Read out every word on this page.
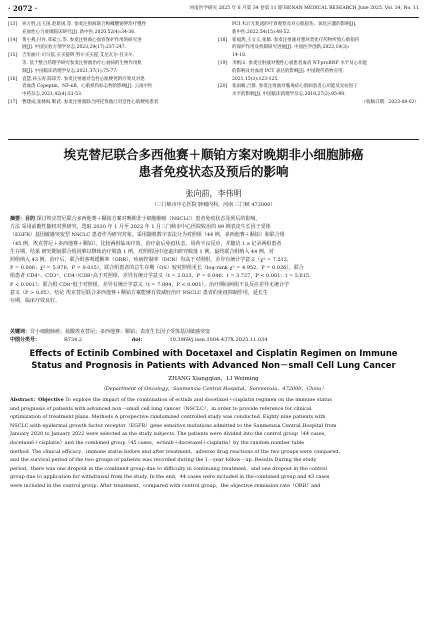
· 2072 ·	河南医学研究 2025 年 6 月第 34 卷第 11 期 HENAN MEDICAL RESEARCH June 2025, Vol. 34, No. 11
[13] 孙万胜,岳玉国,赵新国,等. 参麦注射液联合枸橼酸铋钾治疗慢性
充血性心力衰竭临床研究[J]. 新中医,2020,52(4):34-36.
[14] 黄小燕,付丹,邓家立,等. 参麦注射液心血管保护作用的研究进
展[J]. 中国实验方剂学杂志,2023,29(17):237-247.
[15] 吉米丽汗·司马依,买买提明·努尔买买提,艾尼瓦尔·吾买尔,
等. 基于整合药理学研究参麦注射液治疗心衰病的生物作用机
制[J]. 中国临床药理学杂志,2021,37(1):75-77.
[16] 袁慧,孙玉涛,陈琼芳. 参麦注射液对急性心肌梗死的疗效及对患
者血清 Copeptin、NF-κB、心肌损伤标志物的影响[J]. 云南中医
中药杂志,2021,42(4):51-53.
[17] 曹建成,张林海,靳武. 参麦注射液联合阿托伐他汀对急性心肌梗死患者
PCI 术后无复流的疗效观察及对心肌损伤、氧化应激的影响[J].
新中医,2022,54(15):48-52.
[18] 崔福然,王文义,张薇. 参麦注射液对蒽环类化疗药物所致心肌损伤
的保护作用及机制研究进展[J]. 中国医学创新,2022,19(3):
14-18.
[19] 李帆山. 参麦注射液对慢性心衰患者血清 NT-proBNP 水平及心功能
的影响及对血清 PCT 表达的影响[J]. 中国现代药物应用,
2021,15(3):123-125.
[20] 张雨楠,吕群. 参麦注射液对脓毒症心肌病患者心功能及炎症因子
水平的影响[J]. 中国临床药理学杂志,2018,27(2):95-98.
（收稿日期：2023-08-02）
埃克替尼联合多西他赛＋顺铂方案对晚期非小细胞肺癌
患者免疫状态及预后的影响
张向前，李伟明
（三门峡市中心医院 肿瘤内科，河南 三门峡 472000）
摘要：目的 探讨埃克替尼联合多西他赛＋顺铂方案对晚期非小细胞肺癌（NSCLC）患者免疫状态及预后的影响。
方法 采用前瞻性随机对照研究，选取 2020 年 1 月至 2022 年 1 月三门峡市中心医院收治的 89 例表皮生长因子受体
（EGFR）基因敏感突变型 NSCLC 患者作为研究对象，采用随机数字表法分为对照组（44 例，多西他赛＋顺铂）和联合组
（45 例，埃克替尼＋多西他赛＋顺铂）。比较两组临床疗效、治疗前后免疫状态、用药不良反应，并随访 1 a 记录两组患者
生存期。结果 研究期间联合组因难以继续治疗脱落 1 例，对照组因中途退出研究脱落 1 例，最终联合组纳入 44 例，对
照组纳入 43 例。治疗后，联合组客观缓解率（ORR）、疾病控制率（DCR）均高于对照组，差异有统计学意义（χ² = 7.512，
P = 0.006；χ² = 5.976，P = 0.015）。联合组患者的总生存期（OS）较对照组更长（log-rank χ² = 4.952，P = 0.026）。联合
组患者 CD4⁺、CD3⁺、CD4⁺/CD8⁺高于对照组，差异有统计学意义（t = 2.023，P = 0.046；t = 3.727，P < 0.001；t = 5.615，
P < 0.001）；联合组 CD8⁺低于对照组，差异有统计学意义（t = 7.894，P < 0.001）。治疗期间两组不良反应差异无统计学
意义（P > 0.05）。结论 埃克替尼联合多西他赛＋顺铂方案能够有效减轻治疗 NSCLC 患者的免疫抑制作用，延长生
存期，临床疗效良好。
关键词：非小细胞肺癌；盐酸埃克替尼；多西他赛；顺铂；表皮生长因子受体基因敏感突变
中图分类号：	R734.2	doi：	10.3969/j.issn.1004-437X.2025.11.034
Effects of Ectinib Combined with Docetaxel and Cisplatin Regimen on Immune
Status and Prognosis in Patients with Advanced Non－small Cell Lung Cancer
ZHANG Xiangqian，LI Weiming
（Department of Oncology，Sanmenxia Central Hospital，Sanmenxia，472000，China）
Abstract：Objective To explore the impact of the combination of ectinib and docetaxel＋cisplatin regimen on the immune status
and prognosis of patients with advanced non－small cell lung cancer（NSCLC），in order to provide reference for clinical
optimization of treatment plans. Methods A prospective randomized controlled study was conducted. Eighty nine patients with
NSCLC with epidermal growth factor receptor（EGFR）gene sensitive mutations admitted to the Sanmenxia Central Hospital from
January 2020 to January 2022 were selected as the study subjects. The patients were divided into the control group（44 cases，
docetaxel＋cisplatin）and the combined group（45 cases，ectinib＋docetaxel＋cisplatin）by the random number table
method. The clinical efficacy，immune status before and after treatment，adverse drug reactions of the two groups were compared，
and the survival period of the two groups of patients was recorded during the 1－year follow－up. Results During the study
period，there was one dropout in the combined group due to difficulty in continuing treatment，and one dropout in the control
group due to application for withdrawal from the study. In the end，44 cases were included in the combined group and 43 cases
were included in the control group. After treatment，compared with control group，the objective remission rate（ORR）and
